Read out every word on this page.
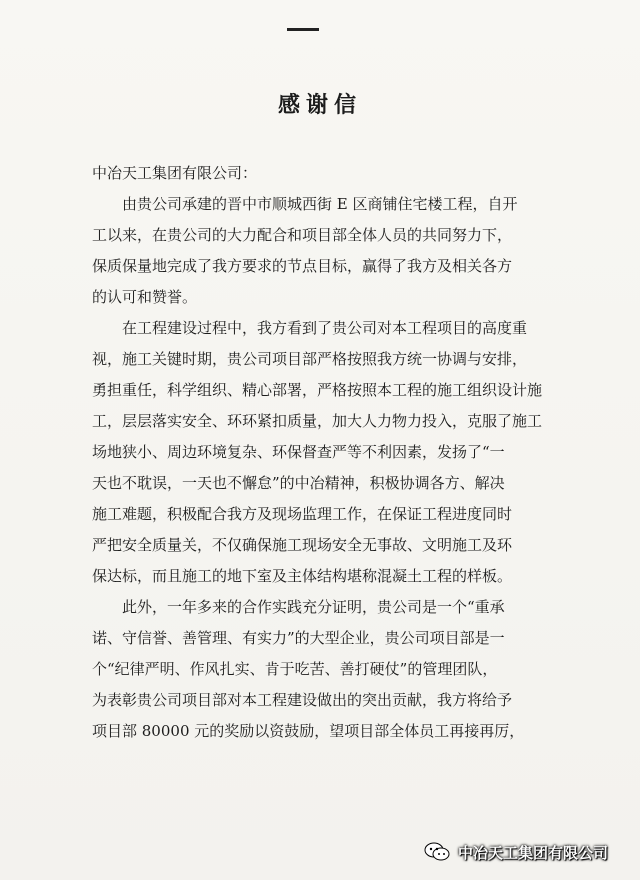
感谢信
中冶天工集团有限公司：
由贵公司承建的晋中市顺城西街 E 区商铺住宅楼工程，自开
工以来，在贵公司的大力配合和项目部全体人员的共同努力下，
保质保量地完成了我方要求的节点目标，赢得了我方及相关各方
的认可和赞誉。
在工程建设过程中，我方看到了贵公司对本工程项目的高度重
视，施工关键时期，贵公司项目部严格按照我方统一协调与安排，
勇担重任，科学组织、精心部署，严格按照本工程的施工组织设计施
工，层层落实安全、环环紧扣质量，加大人力物力投入，克服了施工
场地狭小、周边环境复杂、环保督查严等不利因素，发扬了“一
天也不耽误，一天也不懈怠”的中冶精神，积极协调各方、解决
施工难题，积极配合我方及现场监理工作，在保证工程进度同时
严把安全质量关，不仅确保施工现场安全无事故、文明施工及环
保达标，而且施工的地下室及主体结构堪称混凝土工程的样板。
此外，一年多来的合作实践充分证明，贵公司是一个“重承
诺、守信誉、善管理、有实力”的大型企业，贵公司项目部是一
个“纪律严明、作风扎实、肯于吃苦、善打硬仗”的管理团队，
为表彰贵公司项目部对本工程建设做出的突出贡献，我方将给予
项目部 80000 元的奖励以资鼓励，望项目部全体员工再接再厉，
中冶天工集团有限公司
